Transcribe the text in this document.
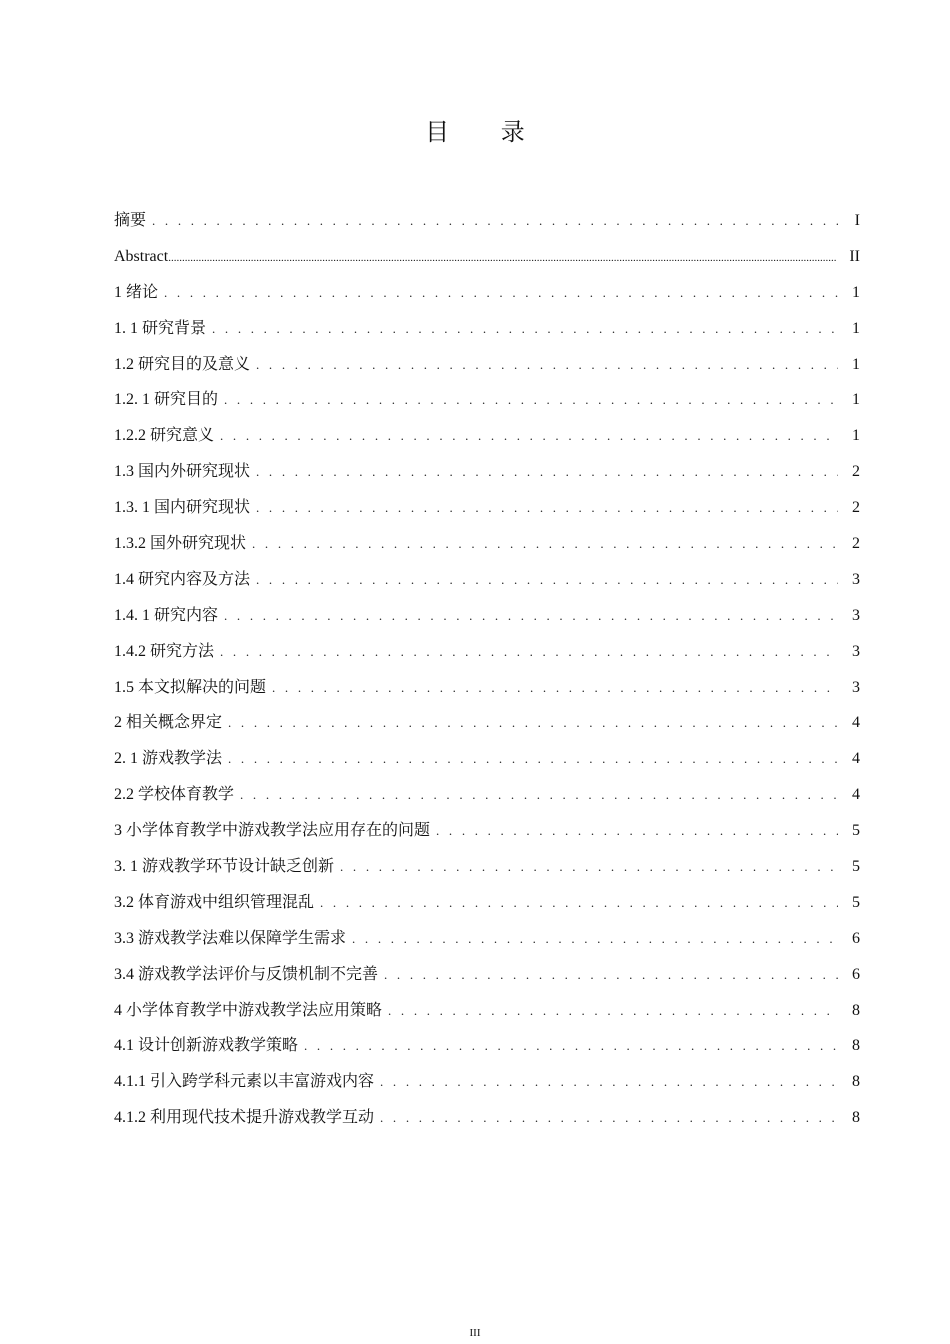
目 录
摘要 . . .	I
Abstract .....	II
1 绪论 . . .	1
1. 1 研究背景 . . .	1
1.2 研究目的及意义 . . .	1
1.2. 1 研究目的 . . .	1
1.2.2 研究意义 . . .	1
1.3 国内外研究现状 . . .	2
1.3. 1 国内研究现状 . . .	2
1.3.2 国外研究现状 . . .	2
1.4 研究内容及方法 . . .	3
1.4. 1 研究内容 . . .	3
1.4.2 研究方法 . . .	3
1.5 本文拟解决的问题 . . .	3
2 相关概念界定 . . .	4
2. 1 游戏教学法 . . .	4
2.2 学校体育教学 . . .	4
3 小学体育教学中游戏教学法应用存在的问题 . . .	5
3. 1 游戏教学环节设计缺乏创新 . . .	5
3.2 体育游戏中组织管理混乱 . . .	5
3.3 游戏教学法难以保障学生需求 . . .	6
3.4 游戏教学法评价与反馈机制不完善 . . .	6
4 小学体育教学中游戏教学法应用策略 . . .	8
4.1 设计创新游戏教学策略 . . .	8
4.1.1 引入跨学科元素以丰富游戏内容 . . .	8
4.1.2 利用现代技术提升游戏教学互动 . . .	8
III
